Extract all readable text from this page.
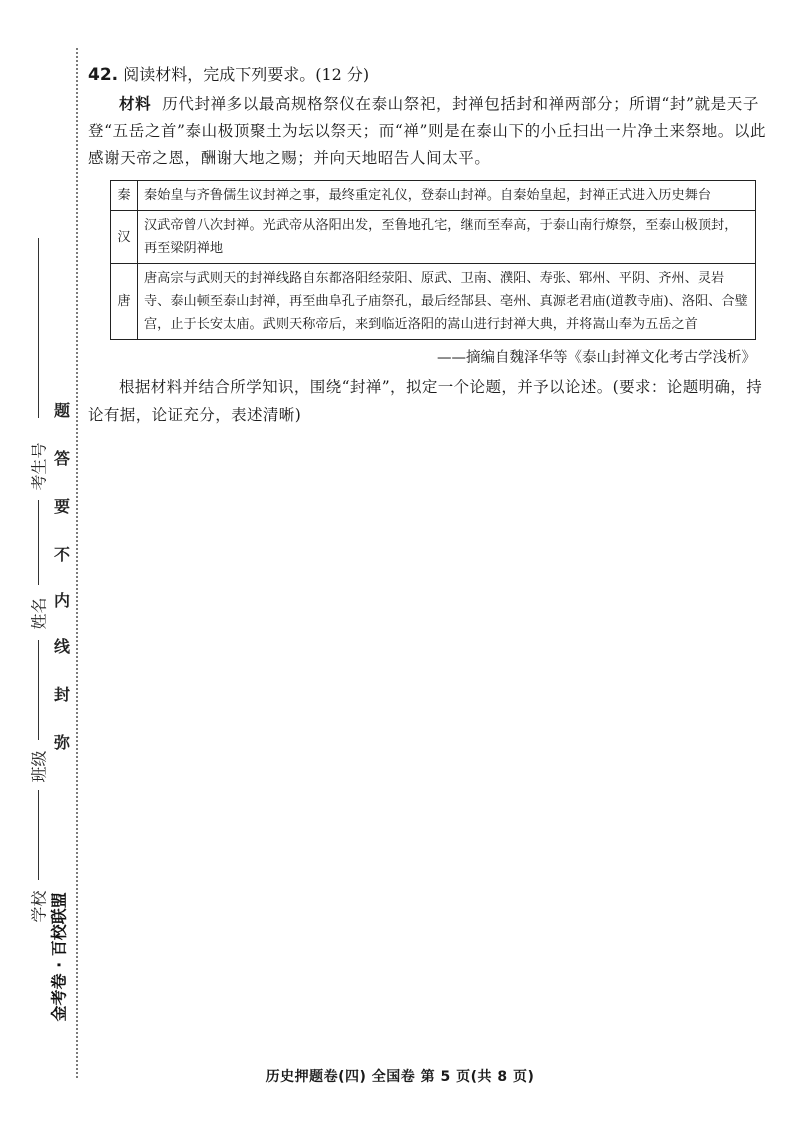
考生号
姓名
班级
学校
弥
封
线
内
不
要
答
题
金考卷 · 百校联盟
42. 阅读材料，完成下列要求。(12 分)

材料 历代封禅多以最高规格祭仪在泰山祭祀，封禅包括封和禅两部分；所谓“封”就是天子登“五岳之首”泰山极顶聚土为坛以祭天；而“禅”则是在泰山下的小丘扫出一片净土来祭地。以此感谢天帝之恩，酬谢大地之赐；并向天地昭告人间太平。

秦	秦始皇与齐鲁儒生议封禅之事，最终重定礼仪，登泰山封禅。自秦始皇起，封禅正式进入历史舞台
汉	汉武帝曾八次封禅。光武帝从洛阳出发，至鲁地孔宅，继而至奉高，于泰山南行燎祭，至泰山极顶封，再至梁阴禅地
唐	唐高宗与武则天的封禅线路自东都洛阳经荥阳、原武、卫南、濮阳、寿张、郓州、平阴、齐州、灵岩寺、泰山顿至泰山封禅，再至曲阜孔子庙祭孔，最后经郜县、亳州、真源老君庙(道教寺庙)、洛阳、合璧宫，止于长安太庙。武则天称帝后，来到临近洛阳的嵩山进行封禅大典，并将嵩山奉为五岳之首
——摘编自魏泽华等《泰山封禅文化考古学浅析》
根据材料并结合所学知识，围绕“封禅”，拟定一个论题，并予以论述。(要求：论题明确，持论有据，论证充分，表述清晰)
历史押题卷(四) 全国卷 第 5 页(共 8 页)
